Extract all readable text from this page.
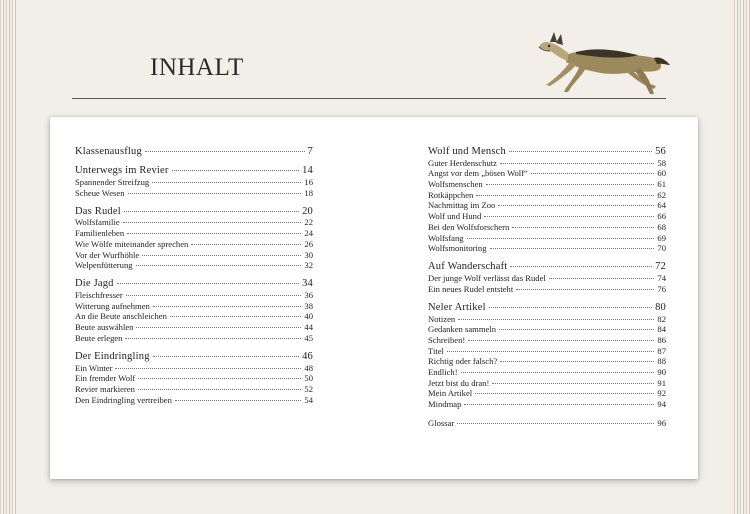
INHALT
Klassenausflug	7
Unterwegs im Revier	14
Spannender Streifzug	16
Scheue Wesen	18
Das Rudel	20
Wolfsfamilie	22
Familienleben	24
Wie Wölfe miteinander sprechen	26
Vor der Wurfhöhle	30
Welpenfütterung	32
Die Jagd	34
Fleischfresser	36
Witterung aufnehmen	38
An die Beute anschleichen	40
Beute auswählen	44
Beute erlegen	45
Der Eindringling	46
Ein Winter	48
Ein fremder Wolf	50
Revier markieren	52
Den Eindringling vertreiben	54
Wolf und Mensch	56
Guter Herdenschutz	58
Angst vor dem „bösen Wolf“	60
Wolfsmenschen	61
Rotkäppchen	62
Nachmittag im Zoo	64
Wolf und Hund	66
Bei den Wolfsforschern	68
Wolfsfang	69
Wolfsmonitoring	70
Auf Wanderschaft	72
Der junge Wolf verlässt das Rudel	74
Ein neues Rudel entsteht	76
Neler Artikel	80
Notizen	82
Gedanken sammeln	84
Schreiben!	86
Titel	87
Richtig oder falsch?	88
Endlich!	90
Jetzt bist du dran!	91
Mein Artikel	92
Mindmap	94
Glossar	96
